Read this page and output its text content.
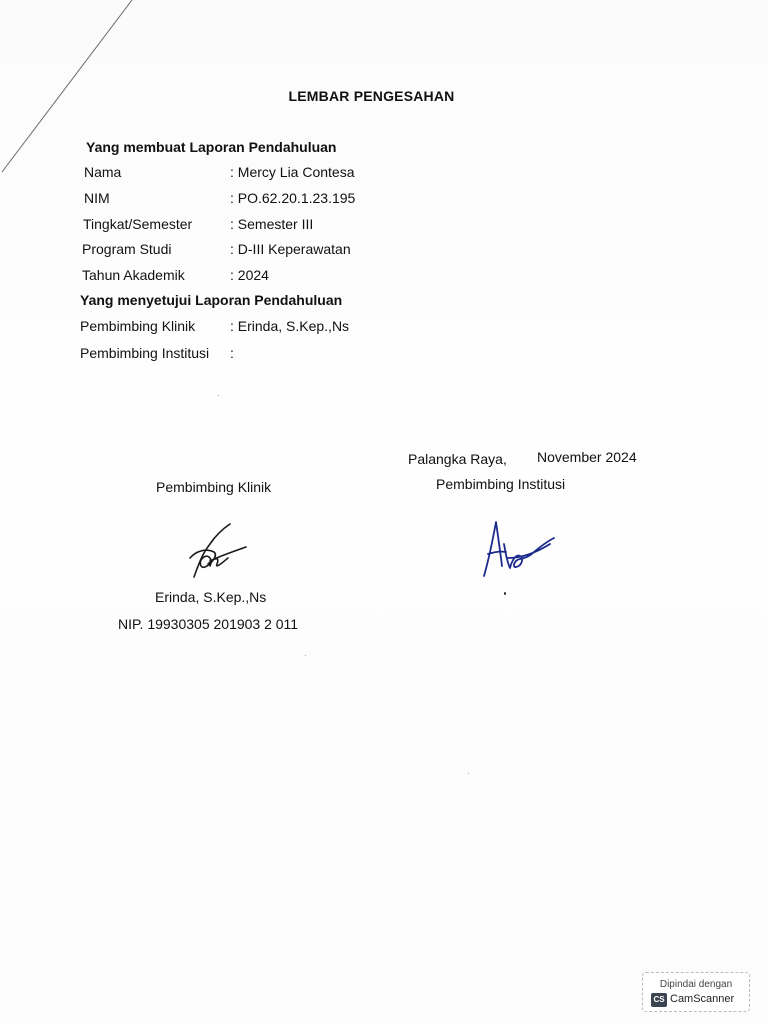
LEMBAR PENGESAHAN
Yang membuat Laporan Pendahuluan
Nama	: Mercy Lia Contesa
NIM	: PO.62.20.1.23.195
Tingkat/Semester	: Semester III
Program Studi	: D-III Keperawatan
Tahun Akademik	: 2024
Yang menyetujui Laporan Pendahuluan
Pembimbing Klinik : Erinda, S.Kep.,Ns
Pembimbing Institusi :
Palangka Raya, November 2024
Pembimbing Klinik	Pembimbing Institusi
Erinda, S.Kep.,Ns
NIP. 19930305 201903 2 011
Dipindai dengan
CS CamScanner
